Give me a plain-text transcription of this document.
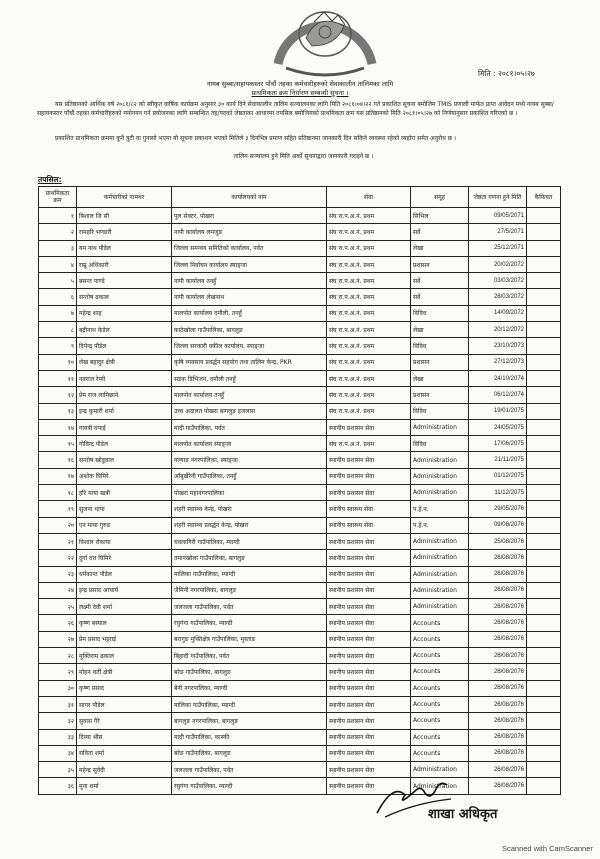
मिति : २०८१।०५।२७
नायब सुब्बा/सहायकस्तर पाँचौं तहका कर्मचारीहरुको सेवाकालीन तालिमका लागि
प्राथमिकता क्रम निर्धारण सम्बन्धी सूचना ।
यस प्रतिष्ठानको आर्थिक वर्ष २०८१/८२ को स्वीकृत वार्षिक कार्यक्रम अनुसार ३० कार्य दिने सेवाकालीन तालिम सञ्चालनका लागि मिति २०८१।०४।२२ गते प्रकाशित सूचना बमोजिम TMIS प्रणाली मार्फत प्राप्त आवेदन मध्ये नायब सुब्बा/सहायकस्तर पाँचौं तहका कर्मचारीहरुको मनोनयन गर्न प्रयोजनका लागि सम्बन्धित तह/पदको जेष्ठताका आधारमा तपसिल बमोजिमको प्राथमिकता क्रम यस प्रतिष्ठानको मिति २०८१।०५।२७ को निर्णयानुसार प्रकाशित गरिएको छ ।
प्रकाशित प्राथमिकता क्रममा कुनै त्रुटी वा गुनासो भएमा यो सूचना प्रकाशन भएको मितिले ३ दिनभित्र प्रमाण सहित प्रतिष्ठानमा जानकारी दिन सकिने व्यवस्था रहेको व्यहोरा समेत अनुरोध छ ।
तालिम सञ्चालन हुने मिति अर्को सूचनाद्वारा जानकारी गराइने छ ।
तपसिल:
प्राथमिकता क्रम	कर्मचारीको नामथर	कार्यालयको नाम	सेवा	समूह	जेष्ठता गणना हुने मिति	कैफियत
१	बिशाल जि सी	पुल सेक्टर, पोखरा	संघ रा.प.अ.नं. प्रथम	सिभिल	09/05/2071	
२	रामहरि भण्डारी	नापी कार्यालय लमजुङ	संघ रा.प.अ.नं. प्रथम	सर्वे	27/5/2071	
३	यम नाथ पौडेल	जिल्ला समन्वय समितिको कार्यालय, पर्वत	संघ रा.प.अ.नं. प्रथम	लेखा	25/12/2071	
४	राम्रु अधिकारी	जिल्ला निर्वाचन कार्यालय स्याङ्जा	संघ रा.प.अ.नं. प्रथम	प्रशासन	20/02/2072	
५	बसन्त पाण्डे	नापी कार्यालय तनहुँ	संघ रा.प.अ.नं. प्रथम	सर्वे	03/03/2072	
६	सन्तोष ढकाल	नापी कार्यालय लेखनाथ	संघ रा.प.अ.नं. प्रथम	सर्वे	28/03/2072	
७	महेन्द्र शाह	मालपोत कार्यालय दमौली, तनहुँ	संघ रा.प.अ.नं. प्रथम	विविध	14/09/2072	
८	बद्रीनाथ केडेल	काठेखोला गाउँपालिका, बागलुङ	संघ रा.प.अ.नं. प्रथम	लेखा	20/12/2072	
९	दिपेन्द्र पौडेल	जिल्ला सरकारी वकील कार्यालय, स्याङ्जा	संघ रा.प.अ.नं. प्रथम	विविध	23/10/2073	
१०	लेख बहादुर क्षेत्री	कृषि व्यवसाय प्रवर्द्धन सहयोग तथा तालिम केन्द्र, PKR	संघ रा.प.अ.नं. प्रथम	प्रशासन	27/12/2073	
११	नवराज रेग्मी	सडक डिभिजन, दमौली तनहुँ	संघ रा.प.अ.नं. प्रथम	लेखा	24/10/2074	
१२	प्रेम राज लामिछाने	मालपोत कार्यालय तनहुँ	संघ रा.प.अ.नं. प्रथम	प्रशासन	06/12/2074	
१३	इन्द्र कुमारी शर्मा	उच्च अदालत पोखरा बागलुङ इजलास	संघ रा.प.अ.नं. प्रथम	विविध	19/01/2075	
१४	गायत्री घपाई	मादी गाउँपालिका, पर्वत	स्थानीय प्रशासन सेवा	Administration	24/05/2075	
१५	गोविन्द पौडेल	मालपोत कार्यालय स्याङ्जा	संघ रा.प.अ.नं. प्रथम	विविध	17/06/2075	
१६	सन्तोष खोडुवाल	गल्याङ नगरपालिका, स्याङ्जा	स्थानीय प्रशासन सेवा	Administration	21/11/2075	
१७	अशोक घिमिरे	आँबुखैरेनी गाउँपालिका, तनहुँ	स्थानीय प्रशासन सेवा	Administration	01/12/2075	
१८	हरि माया खत्री	पोखरा महानगरपालिका	स्थानीय प्रशासन सेवा	Administration	11/12/2075	
१९	सुजना थापा	शहरी स्वास्थ्य केन्द्र, पोखरा	स्थानीय स्वास्थ्य सेवा	प.हे.न.	29/05/2076	
२०	एन माया गुरुङ	शहरी स्वास्थ्य प्रवर्द्धन केन्द्र, पोखरा	स्थानीय स्वास्थ्य सेवा	प.हे.न.	09/08/2076	
२१	विशाल रोकाया	धवलागिरी गाउँपालिका, म्याग्दी	स्थानीय प्रशासन सेवा	Administration	25/08/2076	
२२	दुर्गा दत्त घिमिरे	तमानखोला गाउँपालिका, बागलुङ	स्थानीय प्रशासन सेवा	Administration	26/08/2076	
२३	धर्मकान्त पौडेल	मालिका गाउँपालिका, म्याग्दी	स्थानीय प्रशासन सेवा	Administration	26/08/2076	
२४	इन्द्र प्रसाद आचार्य	जैमिनी नगरपालिका, बागलुङ	स्थानीय प्रशासन सेवा	Administration	26/08/2076	
२५	लक्ष्मी देवी शर्मा	जलजला गाउँपालिका, पर्वत	स्थानीय प्रशासन सेवा	Administration	26/08/2076	
२६	कृष्ण बस्याल	रघुगंगा गाउँपालिका, म्याग्दी	स्थानीय प्रशासन सेवा	Accounts	26/08/2076	
२७	प्रेम प्रसाद भट्टराई	बरागुङ मुक्तिक्षेत्र गाउँपालिका, मुस्ताङ	स्थानीय प्रशासन सेवा	Accounts	26/08/2076	
२८	मुक्तिराम ढकाल	बिहादी गाउँपालिका, पर्वत	स्थानीय प्रशासन सेवा	Accounts	26/08/2076	
२९	मोहन धर्ती क्षेत्री	बरेङ गाउँपालिका, बागलुङ	स्थानीय प्रशासन सेवा	Accounts	26/08/2076	
३०	कृष्ण प्रसाद	बेनी नगरपालिका, म्याग्दी	स्थानीय प्रशासन सेवा	Accounts	26/08/2076	
३१	सागर पौडेल	मालिका गाउँपालिका, म्याग्दी	स्थानीय प्रशासन सेवा	Accounts	26/08/2076	
३२	सुवास गैरे	बागलुङ नगरपालिका, बागलुङ	स्थानीय प्रशासन सेवा	Accounts	26/08/2076	
३३	दिव्या श्रीस	मादी गाउँपालिका, कास्की	स्थानीय प्रशासन सेवा	Accounts	26/08/2076	
३४	सविता शर्मा	बरेङ गाउँपालिका, बागलुङ	स्थानीय प्रशासन सेवा	Accounts	26/08/2076	
३५	महेन्द्र सुवेदी	जलजला गाउँपालिका, पर्वत	स्थानीय प्रशासन सेवा	Administration	26/08/2076	
३६	मुना शर्मा	रघुगंगा गाउँपालिका, म्याग्दी	स्थानीय प्रशासन सेवा	Administration	26/08/2076	
शाखा अधिकृत
Scanned with CamScanner
